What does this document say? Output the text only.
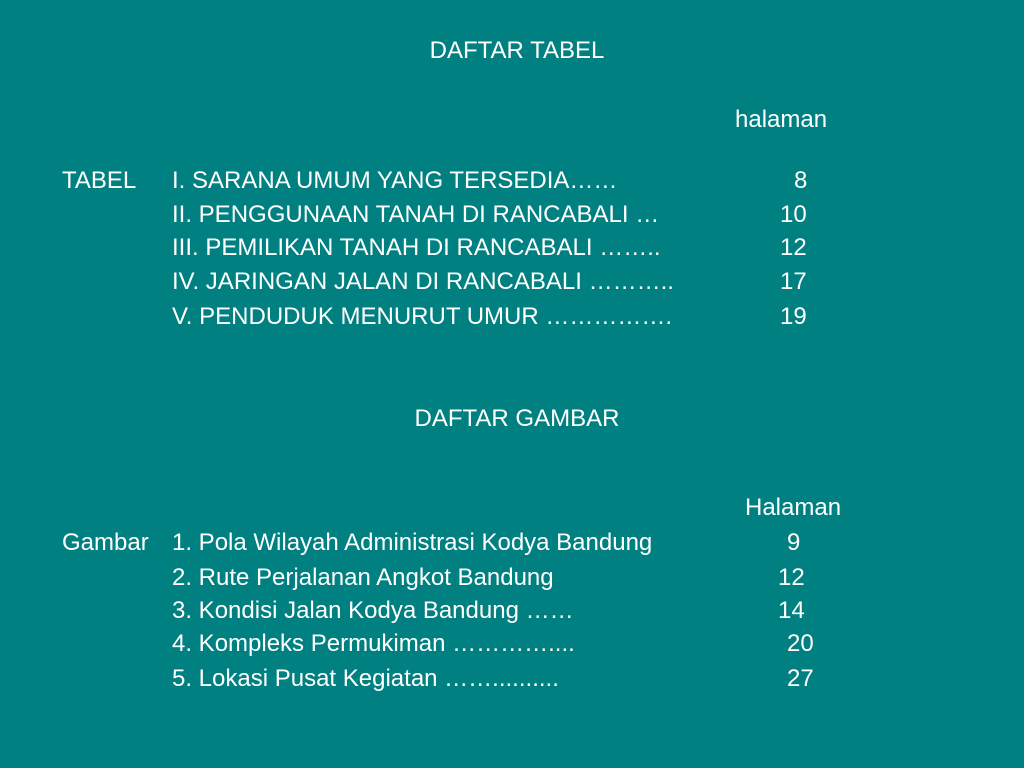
DAFTAR TABEL
halaman
TABEL I. SARANA UMUM YANG TERSEDIA……	8
II. PENGGUNAAN TANAH DI RANCABALI …	10
III. PEMILIKAN TANAH DI RANCABALI ……..	12
IV. JARINGAN JALAN DI RANCABALI ………..	17
V. PENDUDUK MENURUT UMUR …………….	19
DAFTAR GAMBAR
Halaman
Gambar 1. Pola Wilayah Administrasi Kodya Bandung	9
2. Rute Perjalanan Angkot Bandung	12
3. Kondisi Jalan Kodya Bandung ……	14
4. Kompleks Permukiman …………....	20
5. Lokasi Pusat Kegiatan ……..........	27
